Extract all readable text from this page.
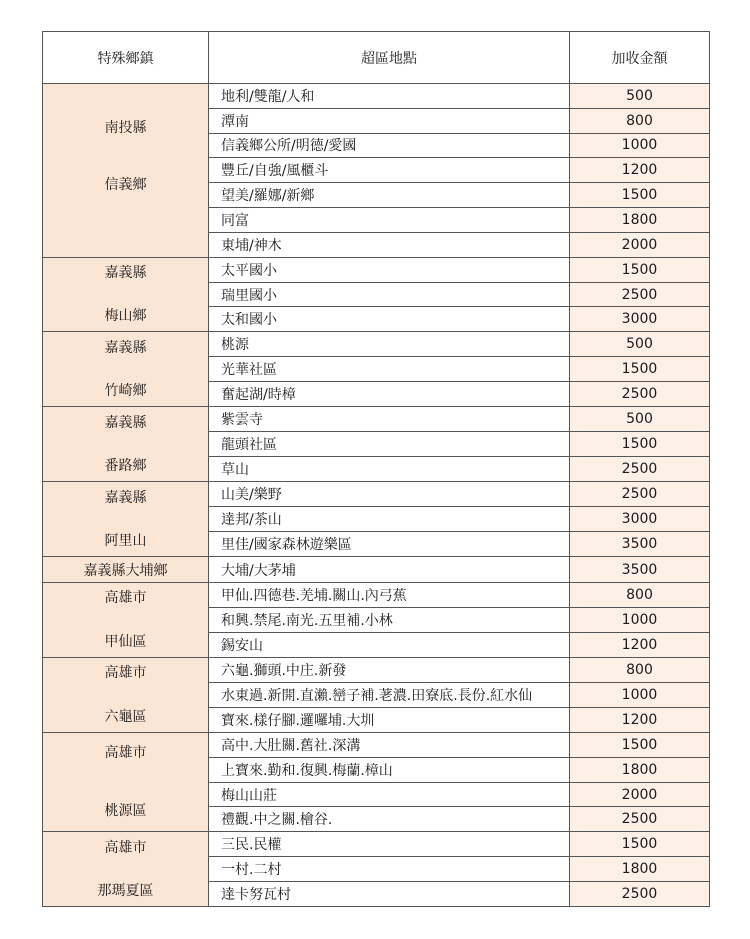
特殊鄉鎮	超區地點	加收金額

南投縣
信義鄉	地利/雙龍/人和	500
	潭南	800
	信義鄉公所/明德/愛國	1000
	豐丘/自強/風櫃斗	1200
	望美/羅娜/新鄉	1500
	同富	1800
	東埔/神木	2000

嘉義縣
梅山鄉	太平國小	1500
	瑞里國小	2500
	太和國小	3000

嘉義縣
竹崎鄉	桃源	500
	光華社區	1500
	奮起湖/時樟	2500

嘉義縣
番路鄉	紫雲寺	500
	龍頭社區	1500
	草山	2500

嘉義縣
阿里山	山美/樂野	2500
	達邦/茶山	3000
	里佳/國家森林遊樂區	3500

嘉義縣大埔鄉	大埔/大茅埔	3500

高雄市
甲仙區	甲仙.四德巷.羌埔.關山.內弓蕉	800
	和興.禁尾.南光.五里補.小林	1000
	錫安山	1200

高雄市
六龜區	六龜.獅頭.中庄.新發	800
	水東過.新開.直瀨.巒子補.荖濃.田寮底.長份.紅水仙	1000
	寶來.樣仔腳.邏囉埔.大圳	1200

高雄市
桃源區	高中.大肚關.舊社.深溝	1500
	上寶來.勤和.復興.梅蘭.樟山	1800
	梅山山莊	2000
	禮觀.中之關.檜谷.	2500

高雄市
那瑪夏區	三民.民權	1500
	一村.二村	1800
	達卡努瓦村	2500
